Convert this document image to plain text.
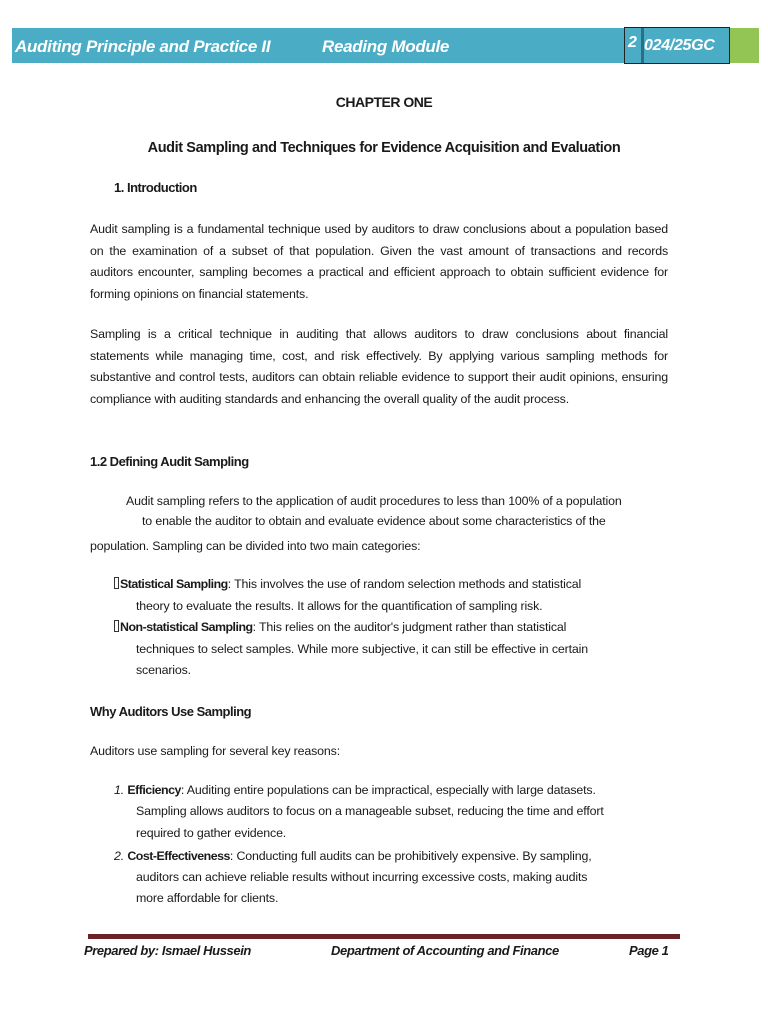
Auditing Principle and Practice II	Reading Module	2 024/25GC
CHAPTER ONE
Audit Sampling and Techniques for Evidence Acquisition and Evaluation
1. Introduction

Audit sampling is a fundamental technique used by auditors to draw conclusions about a population based on the examination of a subset of that population. Given the vast amount of transactions and records auditors encounter, sampling becomes a practical and efficient approach to obtain sufficient evidence for forming opinions on financial statements.

Sampling is a critical technique in auditing that allows auditors to draw conclusions about financial statements while managing time, cost, and risk effectively. By applying various sampling methods for substantive and control tests, auditors can obtain reliable evidence to support their audit opinions, ensuring compliance with auditing standards and enhancing the overall quality of the audit process.

1.2 Defining Audit Sampling
Audit sampling refers to the application of audit procedures to less than 100% of a population
to enable the auditor to obtain and evaluate evidence about some characteristics of the
population. Sampling can be divided into two main categories:
Statistical Sampling: This involves the use of random selection methods and statistical
theory to evaluate the results. It allows for the quantification of sampling risk.
Non-statistical Sampling: This relies on the auditor's judgment rather than statistical
techniques to select samples. While more subjective, it can still be effective in certain
scenarios.
Why Auditors Use Sampling
Auditors use sampling for several key reasons:
1. Efficiency: Auditing entire populations can be impractical, especially with large datasets.
Sampling allows auditors to focus on a manageable subset, reducing the time and effort
required to gather evidence.
2. Cost-Effectiveness: Conducting full audits can be prohibitively expensive. By sampling,
auditors can achieve reliable results without incurring excessive costs, making audits
more affordable for clients.
Prepared by: Ismael Hussein	Department of Accounting and Finance	Page 1
